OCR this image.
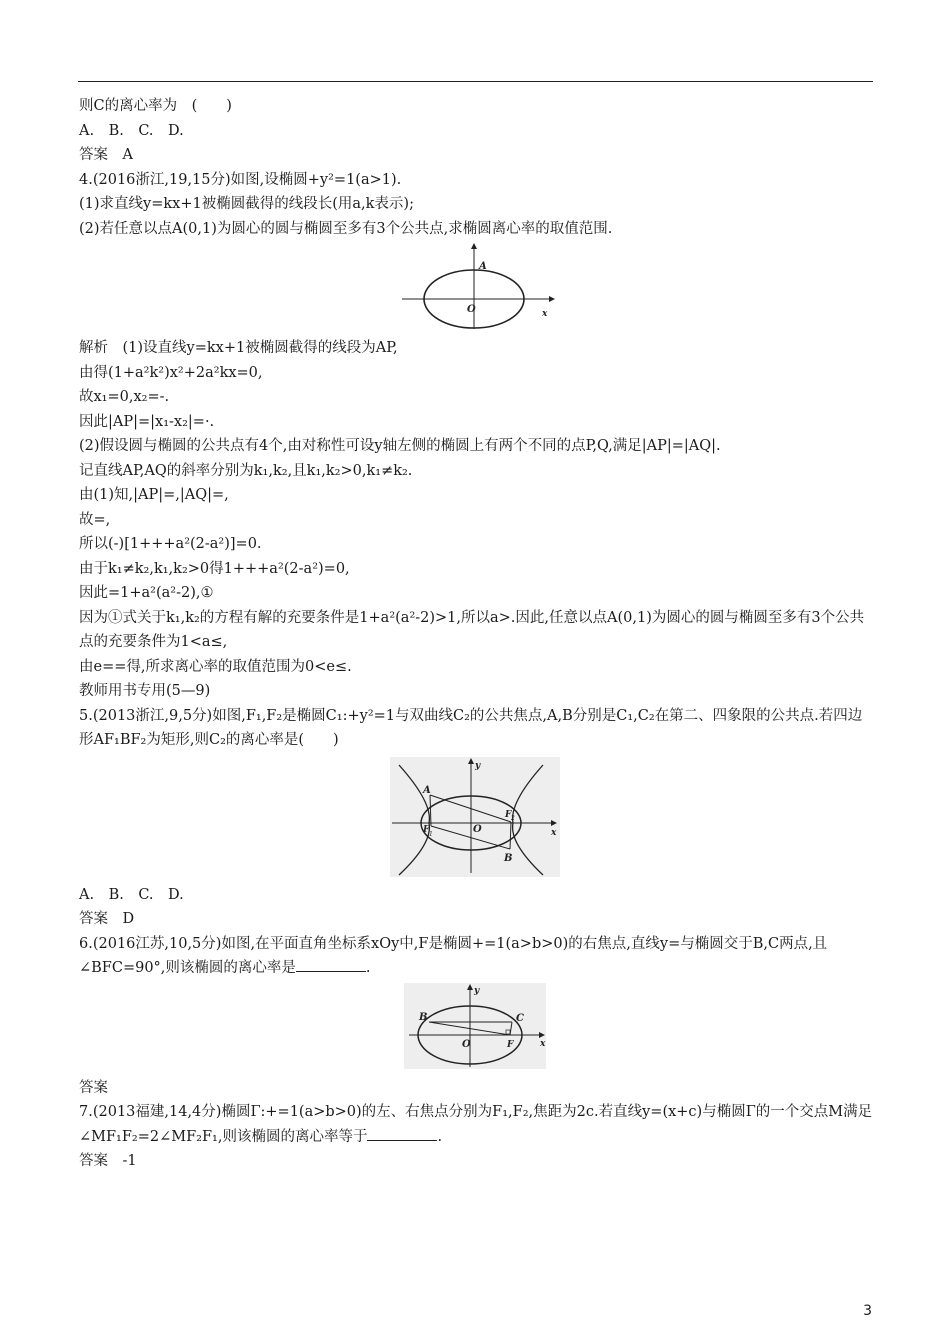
则C的离心率为　(　　)

A.　B.　C.　D.

答案　A

4.(2016浙江,19,15分)如图,设椭圆+y²=1(a>1).

(1)求直线y=kx+1被椭圆截得的线段长(用a,k表示);

(2)若任意以点A(0,1)为圆心的圆与椭圆至多有3个公共点,求椭圆离心率的取值范围.

A
O	x

解析　(1)设直线y=kx+1被椭圆截得的线段为AP,

由得(1+a²k²)x²+2a²kx=0,

故x₁=0,x₂=-.

因此|AP|=|x₁-x₂|=·.

(2)假设圆与椭圆的公共点有4个,由对称性可设y轴左侧的椭圆上有两个不同的点P,Q,满足|AP|=|AQ|.

记直线AP,AQ的斜率分别为k₁,k₂,且k₁,k₂>0,k₁≠k₂.

由(1)知,|AP|=,|AQ|=,

故=,

所以(-)[1+++a²(2-a²)]=0.

由于k₁≠k₂,k₁,k₂>0得1+++a²(2-a²)=0,

因此=1+a²(a²-2),①

因为①式关于k₁,k₂的方程有解的充要条件是1+a²(a²-2)>1,所以a>.因此,任意以点A(0,1)为圆心的圆与椭圆至多有3个公共点的充要条件为1<a≤,

由e==得,所求离心率的取值范围为0<e≤.

教师用书专用(5—9)

5.(2013浙江,9,5分)如图,F₁,F₂是椭圆C₁:+y²=1与双曲线C₂的公共焦点,A,B分别是C₁,C₂在第二、四象限的公共点.若四边形AF₁BF₂为矩形,则C₂的离心率是(　　)

A
F 1
F 2
O
B
y
x

A.　B.　C.　D.

答案　D

6.(2016江苏,10,5分)如图,在平面直角坐标系xOy中,F是椭圆+=1(a>b>0)的右焦点,直线y=与椭圆交于B,C两点,且∠BFC=90°,则该椭圆的离心率是	.

B	C
O	F
y
x

答案

7.(2013福建,14,4分)椭圆Γ:+=1(a>b>0)的左、右焦点分别为F₁,F₂,焦距为2c.若直线y=(x+c)与椭圆Γ的一个交点M满足∠MF₁F₂=2∠MF₂F₁,则该椭圆的离心率等于	.

答案　-1

3
